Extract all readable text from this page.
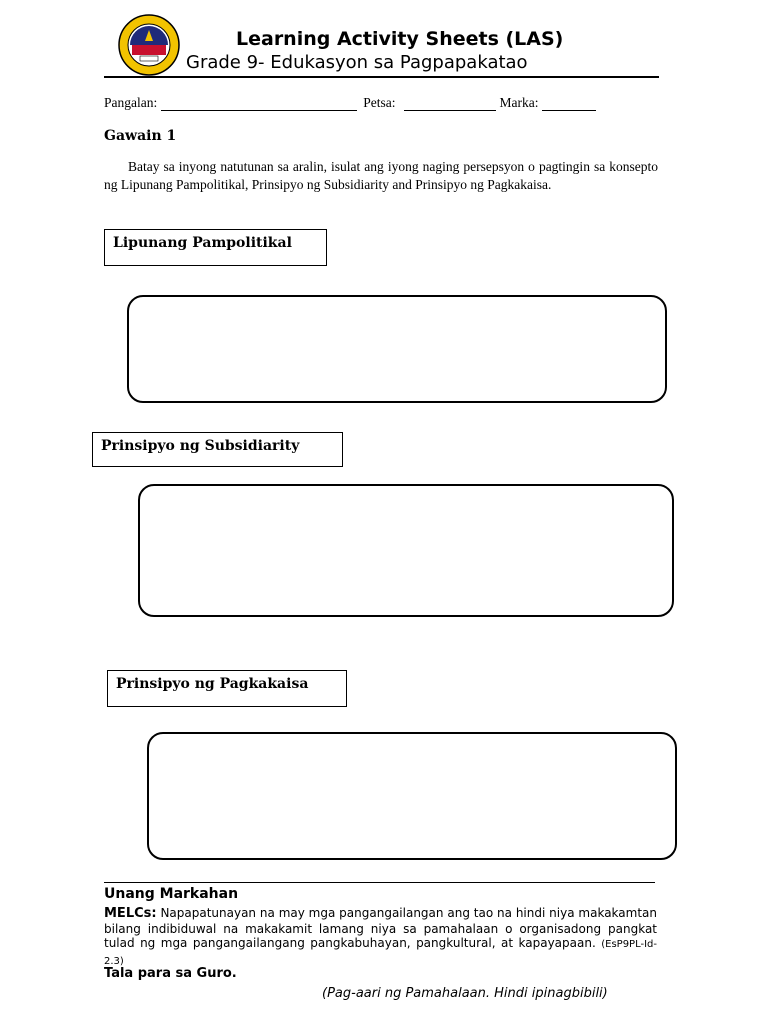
Learning Activity Sheets (LAS)
Grade 9- Edukasyon sa Pagpapakatao
Pangalan:	Petsa:	Marka:
Gawain 1
Batay sa inyong natutunan sa aralin, isulat ang iyong naging persepsyon o pagtingin sa konsepto ng Lipunang Pampolitikal, Prinsipyo ng Subsidiarity and Prinsipyo ng Pagkakaisa.
Lipunang Pampolitikal
Prinsipyo ng Subsidiarity
Prinsipyo ng Pagkakaisa
Unang Markahan
MELCs: Napapatunayan na may mga pangangailangan ang tao na hindi niya makakamtan bilang indibiduwal na makakamit lamang niya sa pamahalaan o organisadong pangkat tulad ng mga pangangailangang pangkabuhayan, pangkultural, at kapayapaan. (EsP9PL-Id-2.3)
Tala para sa Guro.
(Pag-aari ng Pamahalaan. Hindi ipinagbibili)
